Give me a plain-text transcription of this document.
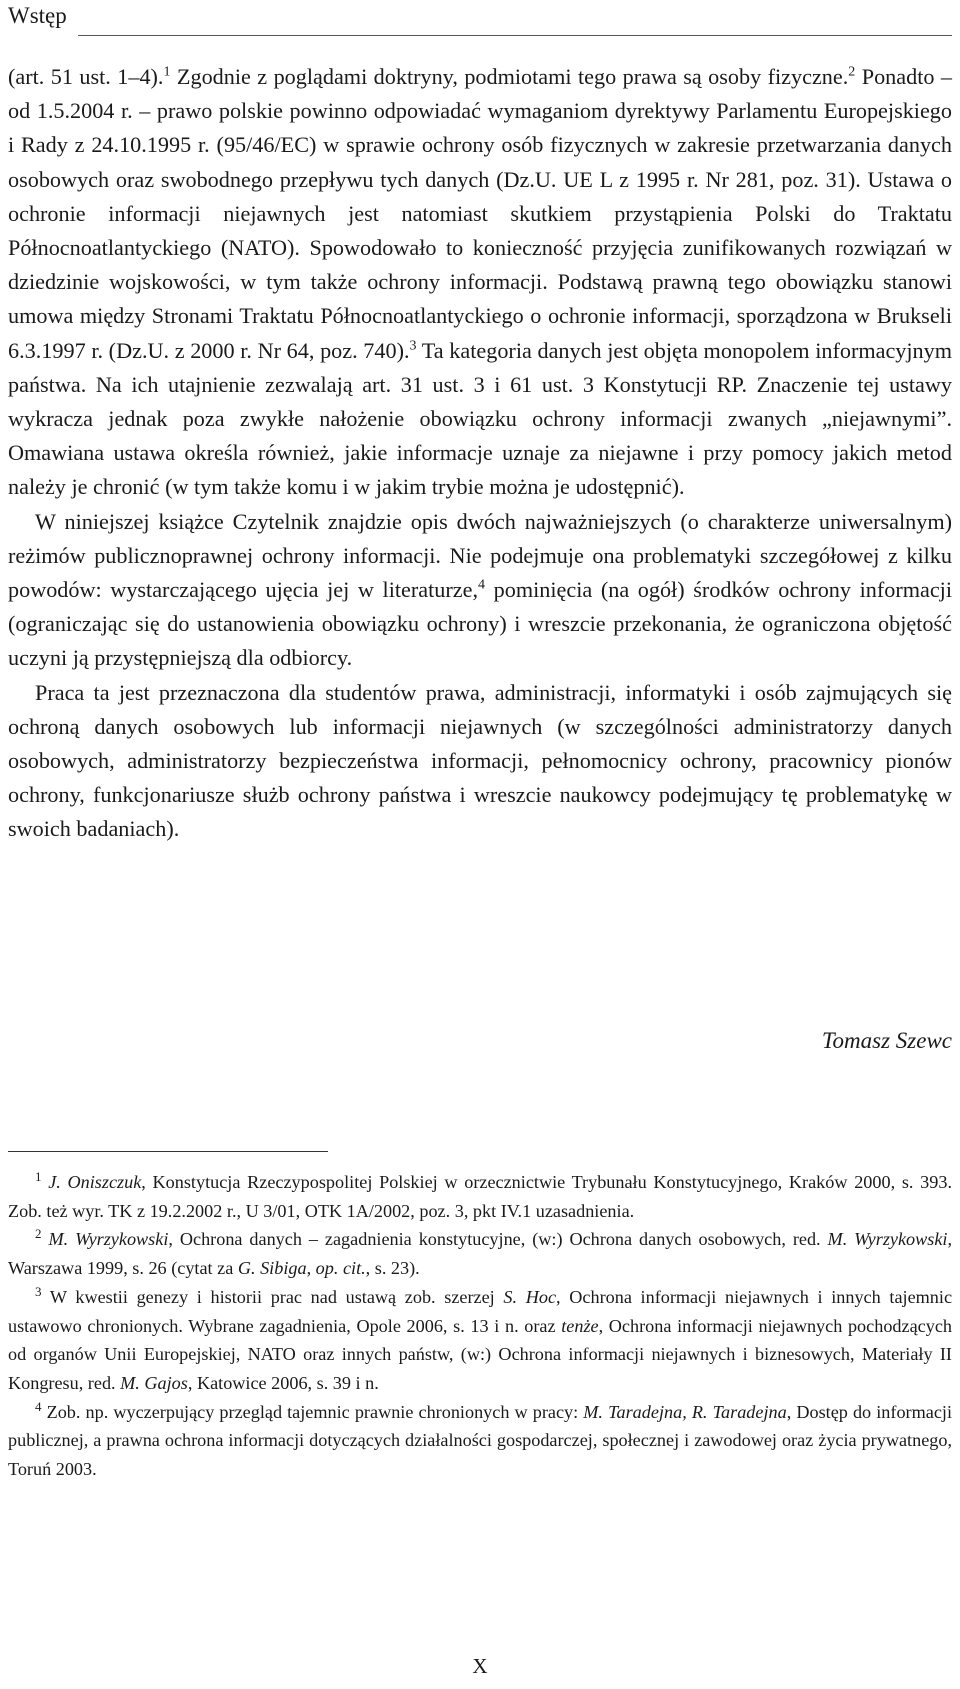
Wstęp

(art. 51 ust. 1–4).$^1$ Zgodnie z poglądami doktryny, podmiotami tego prawa są osoby fizyczne.$^2$ Ponadto – od 1.5.2004 r. – prawo polskie powinno odpowiadać wymaganiom dyrektywy Parlamentu Europejskiego i Rady z 24.10.1995 r. (95/46/EC) w sprawie ochrony osób fizycznych w zakresie przetwarzania danych osobowych oraz swobodnego przepływu tych danych (Dz.U. UE L z 1995 r. Nr 281, poz. 31). Ustawa o ochronie informacji niejawnych jest natomiast skutkiem przystąpienia Polski do Traktatu Północnoatlantyckiego (NATO). Spowodowało to konieczność przyjęcia zunifikowanych rozwiązań w dziedzinie wojskowości, w tym także ochrony informacji. Podstawą prawną tego obowiązku stanowi umowa między Stronami Traktatu Północnoatlantyckiego o ochronie informacji, sporządzona w Brukseli 6.3.1997 r. (Dz.U. z 2000 r. Nr 64, poz. 740).$^3$ Ta kategoria danych jest objęta monopolem informacyjnym państwa. Na ich utajnienie zezwalają art. 31 ust. 3 i 61 ust. 3 Konstytucji RP. Znaczenie tej ustawy wykracza jednak poza zwykłe nałożenie obowiązku ochrony informacji zwanych „niejawnymi”. Omawiana ustawa określa również, jakie informacje uznaje za niejawne i przy pomocy jakich metod należy je chronić (w tym także komu i w jakim trybie można je udostępnić).

W niniejszej książce Czytelnik znajdzie opis dwóch najważniejszych (o charakterze uniwersalnym) reżimów publicznoprawnej ochrony informacji. Nie podejmuje ona problematyki szczegółowej z kilku powodów: wystarczającego ujęcia jej w literaturze,$^4$ pominięcia (na ogół) środków ochrony informacji (ograniczając się do ustanowienia obowiązku ochrony) i wreszcie przekonania, że ograniczona objętość uczyni ją przystępniejszą dla odbiorcy.

Praca ta jest przeznaczona dla studentów prawa, administracji, informatyki i osób zajmujących się ochroną danych osobowych lub informacji niejawnych (w szczególności administratorzy danych osobowych, administratorzy bezpieczeństwa informacji, pełnomocnicy ochrony, pracownicy pionów ochrony, funkcjonariusze służb ochrony państwa i wreszcie naukowcy podejmujący tę problematykę w swoich badaniach).

Tomasz Szewc

$^1$ J. Oniszczuk, Konstytucja Rzeczypospolitej Polskiej w orzecznictwie Trybunału Konstytucyjnego, Kraków 2000, s. 393. Zob. też wyr. TK z 19.2.2002 r., U 3/01, OTK 1A/2002, poz. 3, pkt IV.1 uzasadnienia.

$^2$ M. Wyrzykowski, Ochrona danych – zagadnienia konstytucyjne, (w:) Ochrona danych osobowych, red. M. Wyrzykowski, Warszawa 1999, s. 26 (cytat za G. Sibiga, op. cit., s. 23).

$^3$ W kwestii genezy i historii prac nad ustawą zob. szerzej S. Hoc, Ochrona informacji niejawnych i innych tajemnic ustawowo chronionych. Wybrane zagadnienia, Opole 2006, s. 13 i n. oraz tenże, Ochrona informacji niejawnych pochodzących od organów Unii Europejskiej, NATO oraz innych państw, (w:) Ochrona informacji niejawnych i biznesowych, Materiały II Kongresu, red. M. Gajos, Katowice 2006, s. 39 i n.

$^4$ Zob. np. wyczerpujący przegląd tajemnic prawnie chronionych w pracy: M. Taradejna, R. Taradejna, Dostęp do informacji publicznej, a prawna ochrona informacji dotyczących działalności gospodarczej, społecznej i zawodowej oraz życia prywatnego, Toruń 2003.

X
